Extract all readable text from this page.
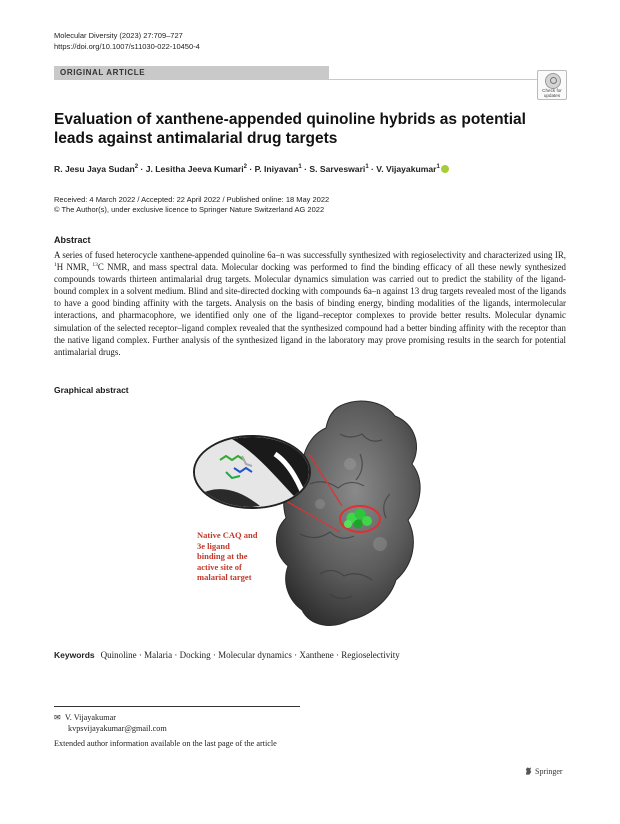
Molecular Diversity (2023) 27:709–727
https://doi.org/10.1007/s11030-022-10450-4
ORIGINAL ARTICLE
Check for
updates
Evaluation of xanthene-appended quinoline hybrids as potential leads against antimalarial drug targets
R. Jesu Jaya Sudan$^2$ · J. Lesitha Jeeva Kumari$^2$ · P. Iniyavan$^1$ · S. Sarveswari$^1$ · V. Vijayakumar$^1$
Received: 4 March 2022 / Accepted: 22 April 2022 / Published online: 18 May 2022
© The Author(s), under exclusive licence to Springer Nature Switzerland AG 2022
Abstract
A series of fused heterocycle xanthene-appended quinoline 6a–n was successfully synthesized with regioselectivity and characterized using IR, $^1$H NMR, $^{13}$C NMR, and mass spectral data. Molecular docking was performed to find the binding efficacy of all these newly synthesized compounds towards thirteen antimalarial drug targets. Molecular dynamics simulation was carried out to predict the stability of the ligand-bound complex in a solvent medium. Blind and site-directed docking with compounds 6a–n against 13 drug targets revealed most of the ligands to have a good binding affinity with the targets. Analysis on the basis of binding energy, binding modalities of the ligands, intermolecular interactions, and pharmacophore, we identified only one of the ligand–receptor complexes to provide better results. Molecular dynamic simulation of the selected receptor–ligand complex revealed that the synthesized compound had a better binding affinity with the receptor than the native ligand complex. Further analysis of the synthesized ligand in the laboratory may prove promising results in the search for potential antimalarial drugs.
Graphical abstract
Native CAQ and
3e ligand
binding at the
active site of
malarial target
Keywords Quinoline · Malaria · Docking · Molecular dynamics · Xanthene · Regioselectivity
✉ V. Vijayakumar
kvpsvijayakumar@gmail.com
Extended author information available on the last page of the article
Springer
